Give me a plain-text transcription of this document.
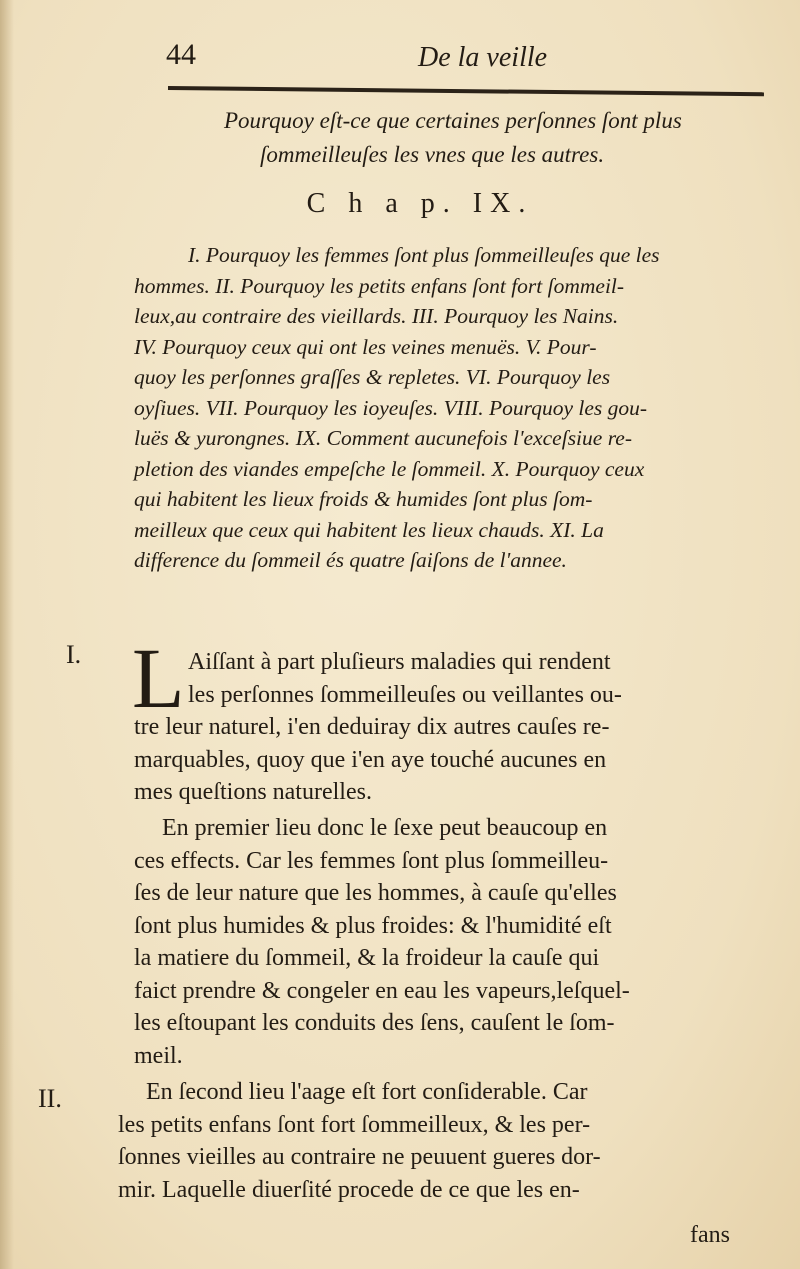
44	De la veille
Pourquoy eſt-ce que certaines perſonnes ſont plus
ſommeilleuſes les vnes que les autres.
C h a p. IX.
I. Pourquoy les femmes ſont plus ſommeilleuſes que les
hommes. II. Pourquoy les petits enfans ſont fort ſommeil-
leux,au contraire des vieillards. III. Pourquoy les Nains.
IV. Pourquoy ceux qui ont les veines menuës. V. Pour-
quoy les perſonnes graſſes & repletes. VI. Pourquoy les
oyſiues. VII. Pourquoy les ioyeuſes. VIII. Pourquoy les gou-
luës & yurongnes. IX. Comment aucunefois l'exceſsiue re-
pletion des viandes empeſche le ſommeil. X. Pourquoy ceux
qui habitent les lieux froids & humides ſont plus ſom-
meilleux que ceux qui habitent les lieux chauds. XI. La
difference du ſommeil és quatre ſaiſons de l'annee.
I. L Aiſſant à part pluſieurs maladies qui rendent
les perſonnes ſommeilleuſes ou veillantes ou-
tre leur naturel, i'en deduiray dix autres cauſes re-
marquables, quoy que i'en aye touché aucunes en
mes queſtions naturelles.
En premier lieu donc le ſexe peut beaucoup en
ces effects. Car les femmes ſont plus ſommeilleu-
ſes de leur nature que les hommes, à cauſe qu'elles
ſont plus humides & plus froides: & l'humidité eſt
la matiere du ſommeil, & la froideur la cauſe qui
faict prendre & congeler en eau les vapeurs,leſquel-
les eſtoupant les conduits des ſens, cauſent le ſom-
meil.
II.	En ſecond lieu l'aage eſt fort conſiderable. Car
les petits enfans ſont fort ſommeilleux, & les per-
ſonnes vieilles au contraire ne peuuent gueres dor-
mir. Laquelle diuerſité procede de ce que les en-
fans
